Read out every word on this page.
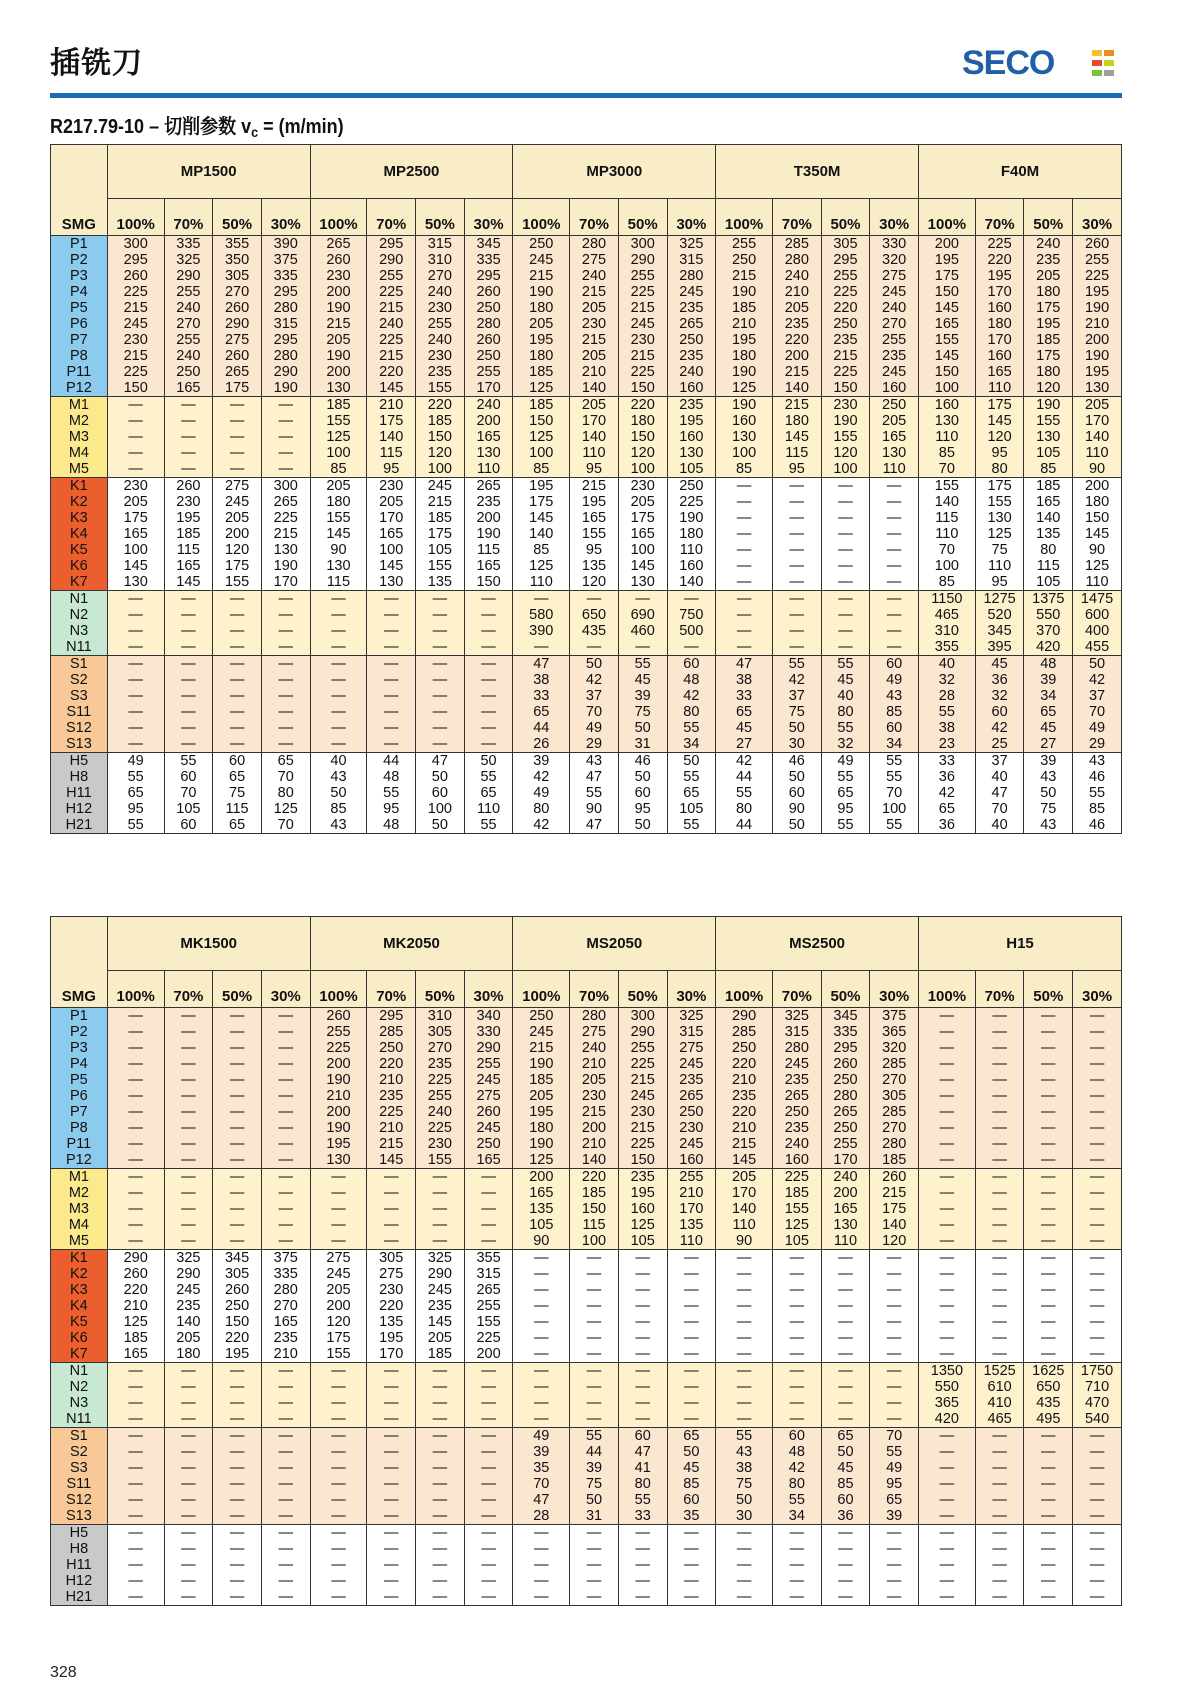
插铣刀	SECO
R217.79-10 – 切削参数 $v_c = (m/\min)$
SMG	MP1500				MP2500				MP3000				T350M				F40M			
	100%	70%	50%	30%	100%	70%	50%	30%	100%	70%	50%	30%	100%	70%	50%	30%	100%	70%	50%	30%
P1	300	335	355	390	265	295	315	345	250	280	300	325	255	285	305	330	200	225	240	260
P2	295	325	350	375	260	290	310	335	245	275	290	315	250	280	295	320	195	220	235	255
P3	260	290	305	335	230	255	270	295	215	240	255	280	215	240	255	275	175	195	205	225
P4	225	255	270	295	200	225	240	260	190	215	225	245	190	210	225	245	150	170	180	195
P5	215	240	260	280	190	215	230	250	180	205	215	235	185	205	220	240	145	160	175	190
P6	245	270	290	315	215	240	255	280	205	230	245	265	210	235	250	270	165	180	195	210
P7	230	255	275	295	205	225	240	260	195	215	230	250	195	220	235	255	155	170	185	200
P8	215	240	260	280	190	215	230	250	180	205	215	235	180	200	215	235	145	160	175	190
P11	225	250	265	290	200	220	235	255	185	210	225	240	190	215	225	245	150	165	180	195
P12	150	165	175	190	130	145	155	170	125	140	150	160	125	140	150	160	100	110	120	130
M1	—	—	—	—	185	210	220	240	185	205	220	235	190	215	230	250	160	175	190	205
M2	—	—	—	—	155	175	185	200	150	170	180	195	160	180	190	205	130	145	155	170
M3	—	—	—	—	125	140	150	165	125	140	150	160	130	145	155	165	110	120	130	140
M4	—	—	—	—	100	115	120	130	100	110	120	130	100	115	120	130	85	95	105	110
M5	—	—	—	—	85	95	100	110	85	95	100	105	85	95	100	110	70	80	85	90
K1	230	260	275	300	205	230	245	265	195	215	230	250	—	—	—	—	155	175	185	200
K2	205	230	245	265	180	205	215	235	175	195	205	225	—	—	—	—	140	155	165	180
K3	175	195	205	225	155	170	185	200	145	165	175	190	—	—	—	—	115	130	140	150
K4	165	185	200	215	145	165	175	190	140	155	165	180	—	—	—	—	110	125	135	145
K5	100	115	120	130	90	100	105	115	85	95	100	110	—	—	—	—	70	75	80	90
K6	145	165	175	190	130	145	155	165	125	135	145	160	—	—	—	—	100	110	115	125
K7	130	145	155	170	115	130	135	150	110	120	130	140	—	—	—	—	85	95	105	110
N1	—	—	—	—	—	—	—	—	—	—	—	—	—	—	—	—	1150	1275	1375	1475
N2	—	—	—	—	—	—	—	—	580	650	690	750	—	—	—	—	465	520	550	600
N3	—	—	—	—	—	—	—	—	390	435	460	500	—	—	—	—	310	345	370	400
N11	—	—	—	—	—	—	—	—	—	—	—	—	—	—	—	—	355	395	420	455
S1	—	—	—	—	—	—	—	—	47	50	55	60	47	55	55	60	40	45	48	50
S2	—	—	—	—	—	—	—	—	38	42	45	48	38	42	45	49	32	36	39	42
S3	—	—	—	—	—	—	—	—	33	37	39	42	33	37	40	43	28	32	34	37
S11	—	—	—	—	—	—	—	—	65	70	75	80	65	75	80	85	55	60	65	70
S12	—	—	—	—	—	—	—	—	44	49	50	55	45	50	55	60	38	42	45	49
S13	—	—	—	—	—	—	—	—	26	29	31	34	27	30	32	34	23	25	27	29
H5	49	55	60	65	40	44	47	50	39	43	46	50	42	46	49	55	33	37	39	43
H8	55	60	65	70	43	48	50	55	42	47	50	55	44	50	55	55	36	40	43	46
H11	65	70	75	80	50	55	60	65	49	55	60	65	55	60	65	70	42	47	50	55
H12	95	105	115	125	85	95	100	110	80	90	95	105	80	90	95	100	65	70	75	85
H21	55	60	65	70	43	48	50	55	42	47	50	55	44	50	55	55	36	40	43	46
SMG	MK1500				MK2050				MS2050				MS2500				H15			
	100%	70%	50%	30%	100%	70%	50%	30%	100%	70%	50%	30%	100%	70%	50%	30%	100%	70%	50%	30%
P1	—	—	—	—	260	295	310	340	250	280	300	325	290	325	345	375	—	—	—	—
P2	—	—	—	—	255	285	305	330	245	275	290	315	285	315	335	365	—	—	—	—
P3	—	—	—	—	225	250	270	290	215	240	255	275	250	280	295	320	—	—	—	—
P4	—	—	—	—	200	220	235	255	190	210	225	245	220	245	260	285	—	—	—	—
P5	—	—	—	—	190	210	225	245	185	205	215	235	210	235	250	270	—	—	—	—
P6	—	—	—	—	210	235	255	275	205	230	245	265	235	265	280	305	—	—	—	—
P7	—	—	—	—	200	225	240	260	195	215	230	250	220	250	265	285	—	—	—	—
P8	—	—	—	—	190	210	225	245	180	200	215	230	210	235	250	270	—	—	—	—
P11	—	—	—	—	195	215	230	250	190	210	225	245	215	240	255	280	—	—	—	—
P12	—	—	—	—	130	145	155	165	125	140	150	160	145	160	170	185	—	—	—	—
M1	—	—	—	—	—	—	—	—	200	220	235	255	205	225	240	260	—	—	—	—
M2	—	—	—	—	—	—	—	—	165	185	195	210	170	185	200	215	—	—	—	—
M3	—	—	—	—	—	—	—	—	135	150	160	170	140	155	165	175	—	—	—	—
M4	—	—	—	—	—	—	—	—	105	115	125	135	110	125	130	140	—	—	—	—
M5	—	—	—	—	—	—	—	—	90	100	105	110	90	105	110	120	—	—	—	—
K1	290	325	345	375	275	305	325	355	—	—	—	—	—	—	—	—	—	—	—	—
K2	260	290	305	335	245	275	290	315	—	—	—	—	—	—	—	—	—	—	—	—
K3	220	245	260	280	205	230	245	265	—	—	—	—	—	—	—	—	—	—	—	—
K4	210	235	250	270	200	220	235	255	—	—	—	—	—	—	—	—	—	—	—	—
K5	125	140	150	165	120	135	145	155	—	—	—	—	—	—	—	—	—	—	—	—
K6	185	205	220	235	175	195	205	225	—	—	—	—	—	—	—	—	—	—	—	—
K7	165	180	195	210	155	170	185	200	—	—	—	—	—	—	—	—	—	—	—	—
N1	—	—	—	—	—	—	—	—	—	—	—	—	—	—	—	—	1350	1525	1625	1750
N2	—	—	—	—	—	—	—	—	—	—	—	—	—	—	—	—	550	610	650	710
N3	—	—	—	—	—	—	—	—	—	—	—	—	—	—	—	—	365	410	435	470
N11	—	—	—	—	—	—	—	—	—	—	—	—	—	—	—	—	420	465	495	540
S1	—	—	—	—	—	—	—	—	49	55	60	65	55	60	65	70	—	—	—	—
S2	—	—	—	—	—	—	—	—	39	44	47	50	43	48	50	55	—	—	—	—
S3	—	—	—	—	—	—	—	—	35	39	41	45	38	42	45	49	—	—	—	—
S11	—	—	—	—	—	—	—	—	70	75	80	85	75	80	85	95	—	—	—	—
S12	—	—	—	—	—	—	—	—	47	50	55	60	50	55	60	65	—	—	—	—
S13	—	—	—	—	—	—	—	—	28	31	33	35	30	34	36	39	—	—	—	—
H5	—	—	—	—	—	—	—	—	—	—	—	—	—	—	—	—	—	—	—	—
H8	—	—	—	—	—	—	—	—	—	—	—	—	—	—	—	—	—	—	—	—
H11	—	—	—	—	—	—	—	—	—	—	—	—	—	—	—	—	—	—	—	—
H12	—	—	—	—	—	—	—	—	—	—	—	—	—	—	—	—	—	—	—	—
H21	—	—	—	—	—	—	—	—	—	—	—	—	—	—	—	—	—	—	—	—
328
